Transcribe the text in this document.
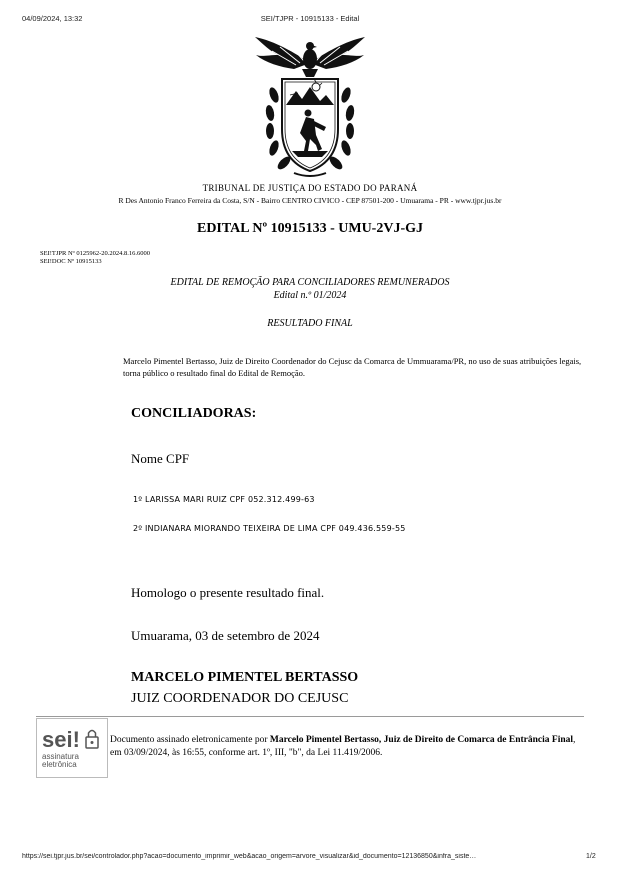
04/09/2024, 13:32	SEI/TJPR - 10915133 - Edital
TRIBUNAL DE JUSTIÇA DO ESTADO DO PARANÁ
R Des Antonio Franco Ferreira da Costa, S/N - Bairro CENTRO CIVICO - CEP 87501-200 - Umuarama - PR - www.tjpr.jus.br
EDITAL Nº 10915133 - UMU-2VJ-GJ
SEI!TJPR Nº 0125962-20.2024.8.16.6000
SEI!DOC Nº 10915133
EDITAL DE REMOÇÃO PARA CONCILIADORES REMUNERADOS
Edital n.º 01/2024
RESULTADO FINAL
Marcelo Pimentel Bertasso, Juiz de Direito Coordenador do Cejusc da Comarca de Ummuarama/PR, no uso de suas atribuições legais, torna público o resultado final do Edital de Remoção.
CONCILIADORAS:
Nome CPF
1º LARISSA MARI RUIZ CPF 052.312.499-63
2º INDIANARA MIORANDO TEIXEIRA DE LIMA CPF 049.436.559-55
Homologo o presente resultado final.
Umuarama, 03 de setembro de 2024
MARCELO PIMENTEL BERTASSO
JUIZ COORDENADOR DO CEJUSC
sei!
assinatura
eletrônica
Documento assinado eletronicamente por Marcelo Pimentel Bertasso, Juiz de Direito de Comarca de Entrância Final, em 03/09/2024, às 16:55, conforme art. 1º, III, "b", da Lei 11.419/2006.
https://sei.tjpr.jus.br/sei/controlador.php?acao=documento_imprimir_web&acao_origem=arvore_visualizar&id_documento=12136850&infra_siste…	1/2
